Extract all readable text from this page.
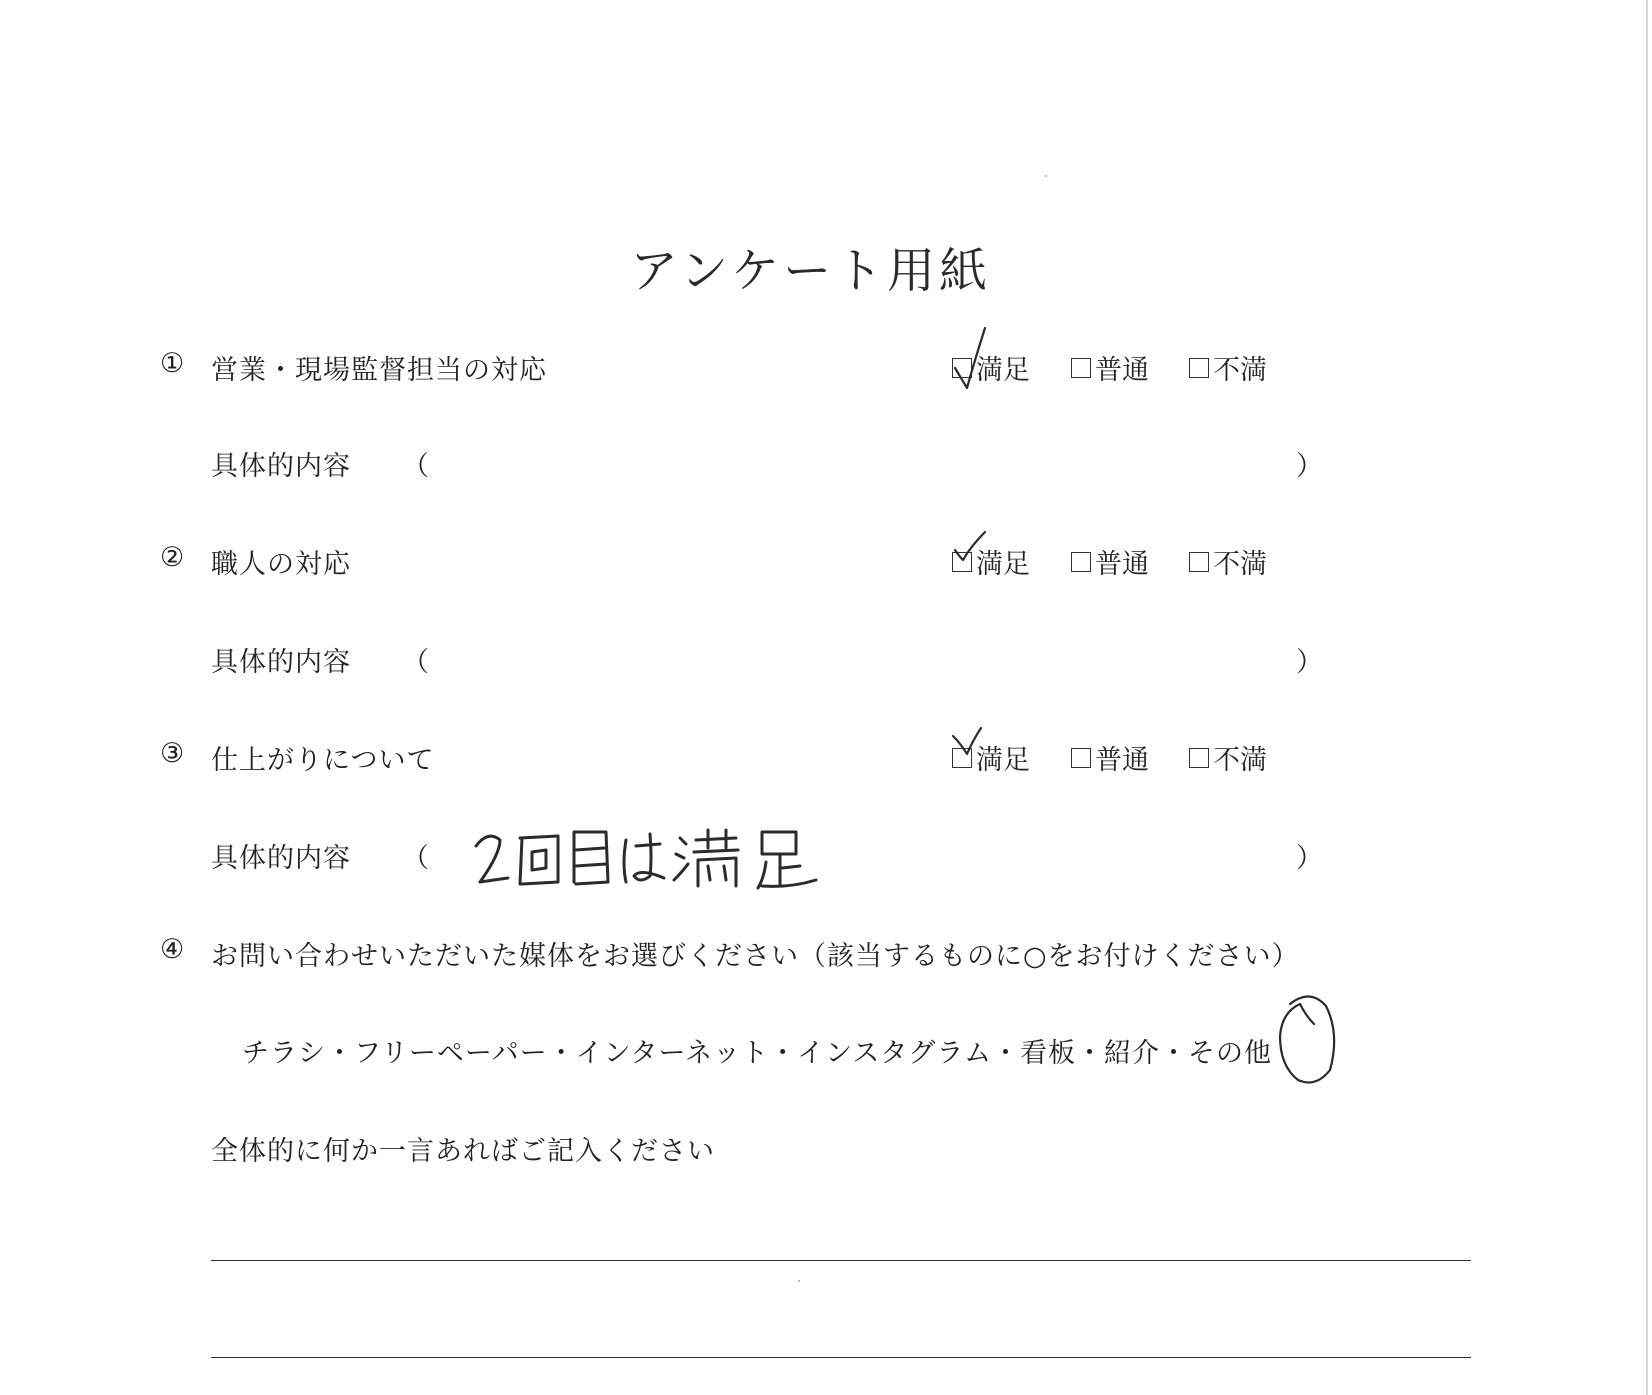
アンケート用紙
① 営業・現場監督担当の対応	満足 普通 不満
具体的内容 （	）
② 職人の対応	満足 普通 不満
具体的内容 （	）
③ 仕上がりについて	満足 普通 不満
具体的内容 （	）
④ お問い合わせいただいた媒体をお選びください（該当するものに○をお付けください）
チラシ・フリーペーパー・インターネット・インスタグラム・看板・紹介・その他
全体的に何か一言あればご記入ください
